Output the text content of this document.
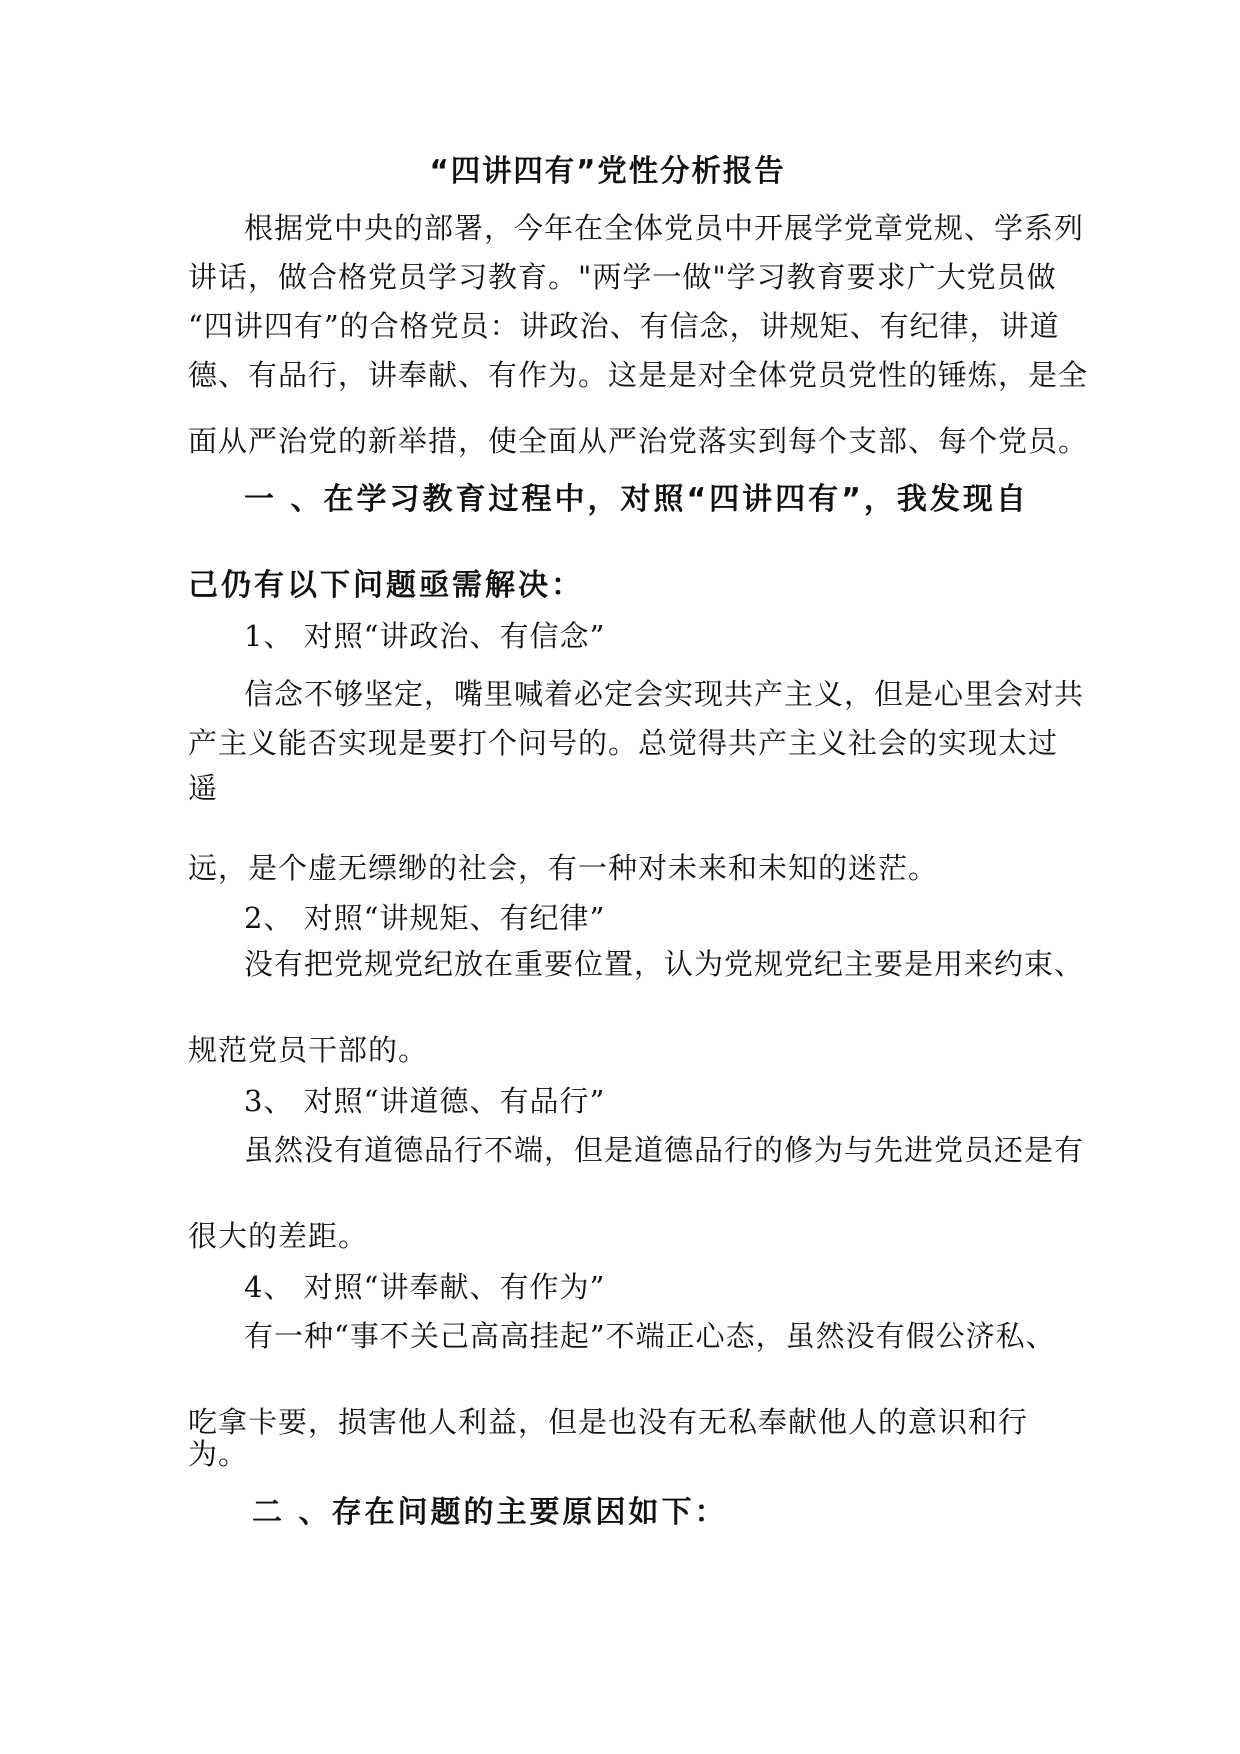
“四讲四有”党性分析报告
根据党中央的部署，今年在全体党员中开展学党章党规、学系列
讲话，做合格党员学习教育。"两学一做"学习教育要求广大党员做
“四讲四有”的合格党员：讲政治、有信念，讲规矩、有纪律，讲道
德、有品行，讲奉献、有作为。这是是对全体党员党性的锤炼，是全
面从严治党的新举措，使全面从严治党落实到每个支部、每个党员。
一 、在学习教育过程中，对照“四讲四有”，我发现自
己仍有以下问题亟需解决：
1、 对照“讲政治、有信念”
信念不够坚定，嘴里喊着必定会实现共产主义，但是心里会对共
产主义能否实现是要打个问号的。总觉得共产主义社会的实现太过
遥
远，是个虚无缥缈的社会，有一种对未来和未知的迷茫。
2、 对照“讲规矩、有纪律”
没有把党规党纪放在重要位置，认为党规党纪主要是用来约束、
规范党员干部的。
3、 对照“讲道德、有品行”
虽然没有道德品行不端，但是道德品行的修为与先进党员还是有
很大的差距。
4、 对照“讲奉献、有作为”
有一种“事不关己高高挂起”不端正心态，虽然没有假公济私、
吃拿卡要，损害他人利益，但是也没有无私奉献他人的意识和行
为。
二 、存在问题的主要原因如下：
